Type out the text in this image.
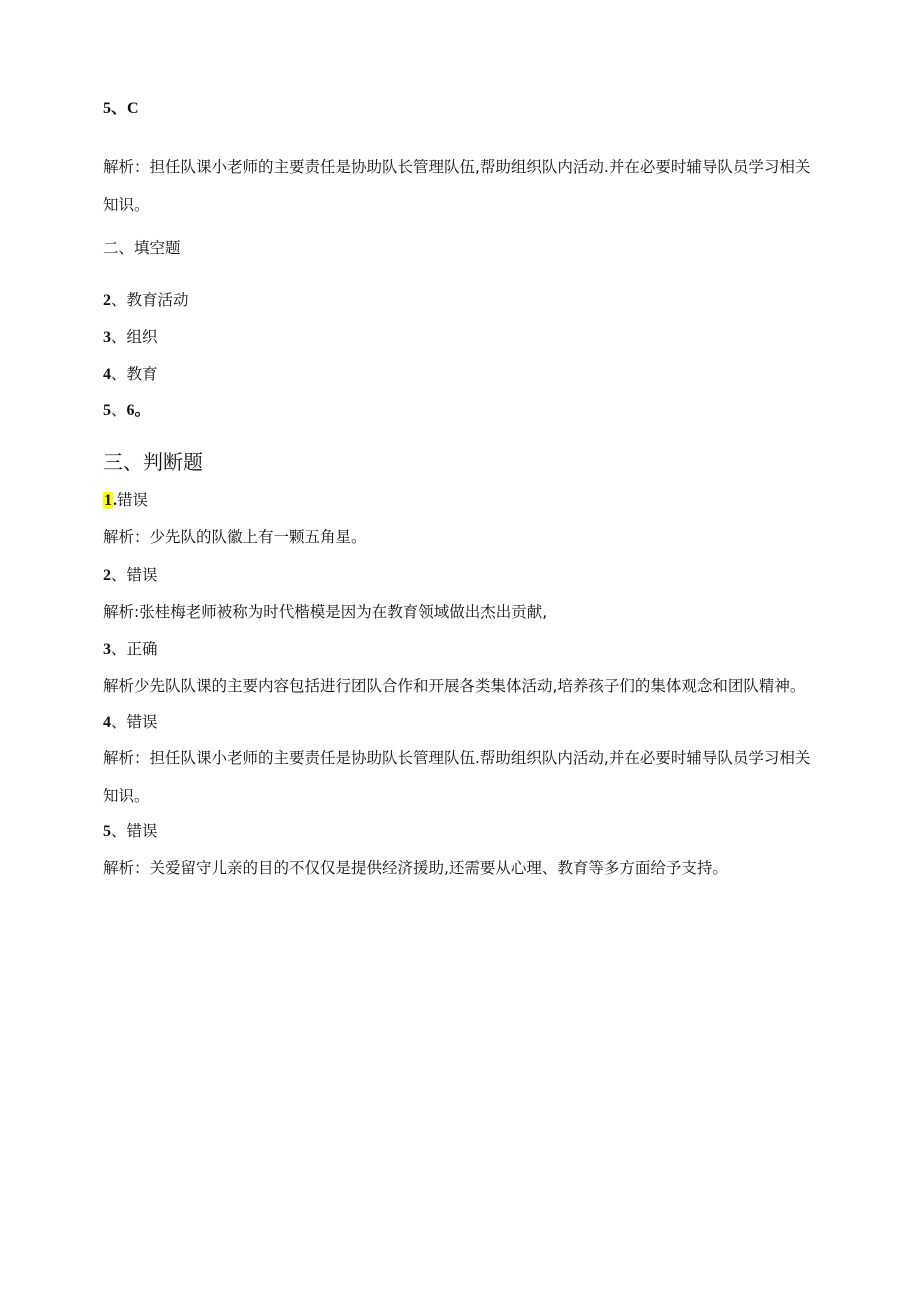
5、C
解析：担任队课小老师的主要责任是协助队长管理队伍,帮助组织队内活动.并在必要时辅导队员学习相关知识。
二、填空题
2、教育活动
3、组织
4、教育
5、6。
三、判断题
1.错误
解析：少先队的队徽上有一颗五角星。
2、错误
解析:张桂梅老师被称为时代楷模是因为在教育领域做出杰出贡献,
3、正确
解析少先队队课的主要内容包括进行团队合作和开展各类集体活动,培养孩子们的集体观念和团队精神。
4、错误
解析：担任队课小老师的主要责任是协助队长管理队伍.帮助组织队内活动,并在必要时辅导队员学习相关知识。
5、错误
解析：关爱留守儿亲的目的不仅仅是提供经济援助,还需要从心理、教育等多方面给予支持。
